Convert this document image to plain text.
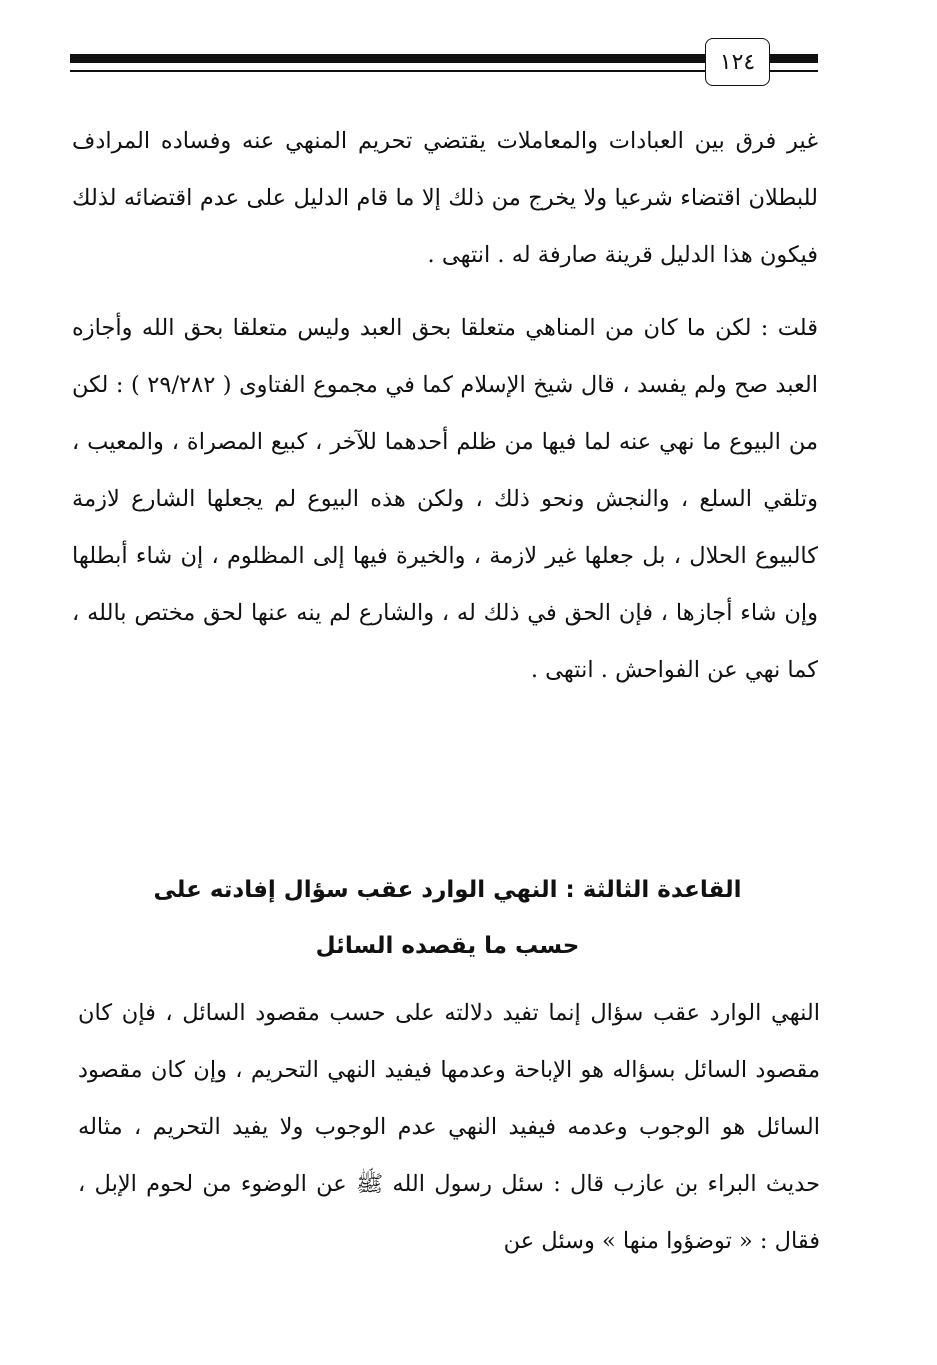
١٢٤

غير فرق بين العبادات والمعاملات يقتضي تحريم المنهي عنه وفساده المرادف للبطلان اقتضاء شرعيا ولا يخرج من ذلك إلا ما قام الدليل على عدم اقتضائه لذلك فيكون هذا الدليل قرينة صارفة له . انتهى .

قلت : لكن ما كان من المناهي متعلقا بحق العبد وليس متعلقا بحق الله وأجازه العبد صح ولم يفسد ، قال شيخ الإسلام كما في مجموع الفتاوى ( ٢٩/٢٨٢ ) : لكن من البيوع ما نهي عنه لما فيها من ظلم أحدهما للآخر ، كبيع المصراة ، والمعيب ، وتلقي السلع ، والنجش ونحو ذلك ، ولكن هذه البيوع لم يجعلها الشارع لازمة كالبيوع الحلال ، بل جعلها غير لازمة ، والخيرة فيها إلى المظلوم ، إن شاء أبطلها وإن شاء أجازها ، فإن الحق في ذلك له ، والشارع لم ينه عنها لحق مختص بالله ، كما نهي عن الفواحش . انتهى .

القاعدة الثالثة : النهي الوارد عقب سؤال إفادته على حسب ما يقصده السائل

النهي الوارد عقب سؤال إنما تفيد دلالته على حسب مقصود السائل ، فإن كان مقصود السائل بسؤاله هو الإباحة وعدمها فيفيد النهي التحريم ، وإن كان مقصود السائل هو الوجوب وعدمه فيفيد النهي عدم الوجوب ولا يفيد التحريم ، مثاله حديث البراء بن عازب قال : سئل رسول الله ﷺ عن الوضوء من لحوم الإبل ، فقال : « توضؤوا منها » وسئل عن
